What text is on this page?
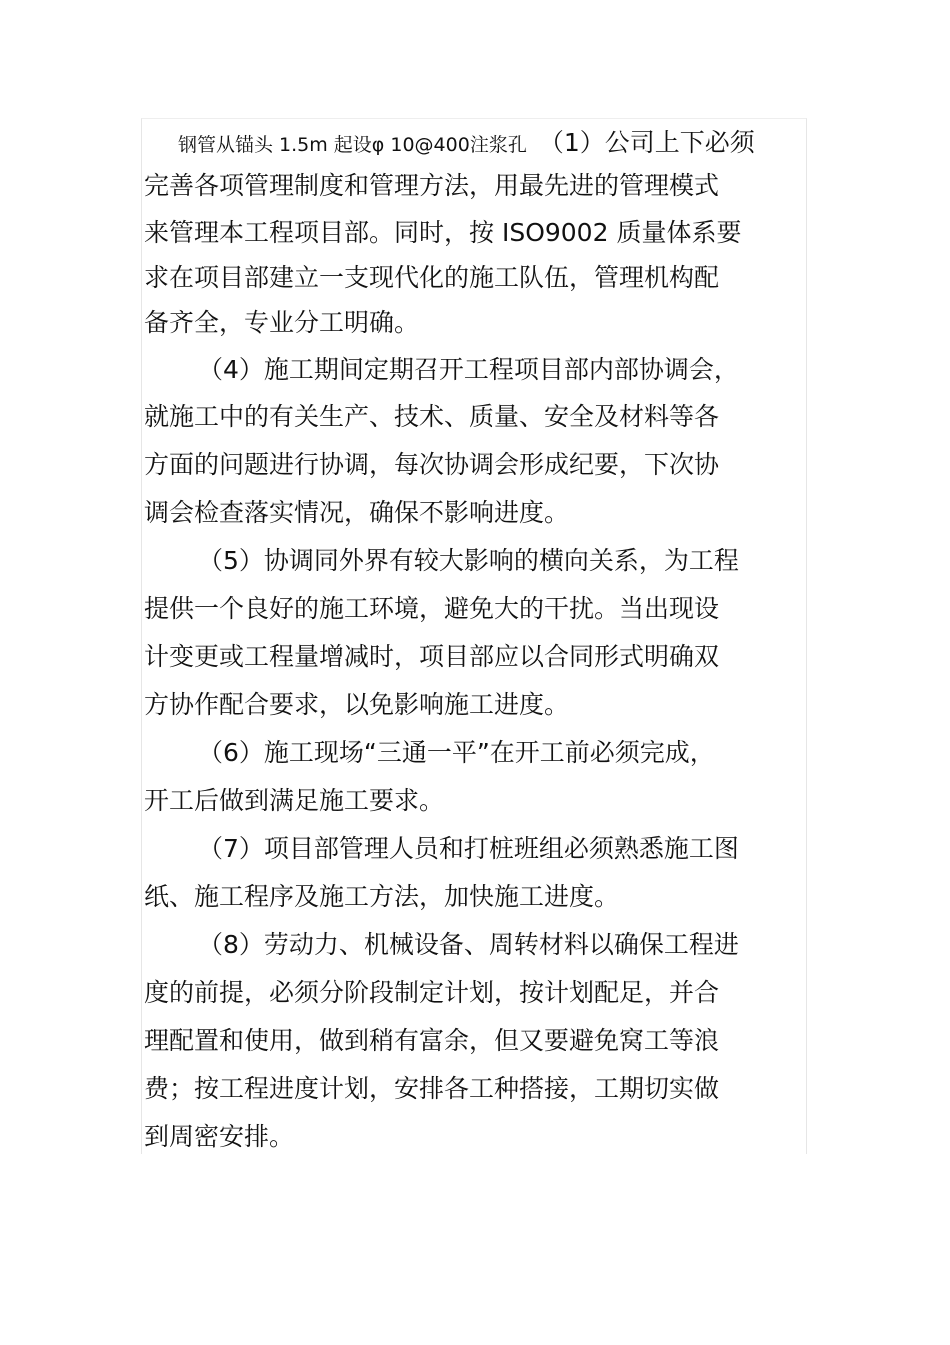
钢管从锚头 1.5m 起设φ 10@400注浆孔 （1）公司上下必须
完善各项管理制度和管理方法，用最先进的管理模式
来管理本工程项目部。同时，按 ISO9002 质量体系要
求在项目部建立一支现代化的施工队伍，管理机构配
备齐全，专业分工明确。
（4）施工期间定期召开工程项目部内部协调会，
就施工中的有关生产、技术、质量、安全及材料等各
方面的问题进行协调，每次协调会形成纪要，下次协
调会检查落实情况，确保不影响进度。
（5）协调同外界有较大影响的横向关系，为工程
提供一个良好的施工环境，避免大的干扰。当出现设
计变更或工程量增减时，项目部应以合同形式明确双
方协作配合要求，以免影响施工进度。
（6）施工现场“三通一平”在开工前必须完成，
开工后做到满足施工要求。
（7）项目部管理人员和打桩班组必须熟悉施工图
纸、施工程序及施工方法，加快施工进度。
（8）劳动力、机械设备、周转材料以确保工程进
度的前提，必须分阶段制定计划，按计划配足，并合
理配置和使用，做到稍有富余，但又要避免窝工等浪
费；按工程进度计划，安排各工种搭接，工期切实做
到周密安排。
